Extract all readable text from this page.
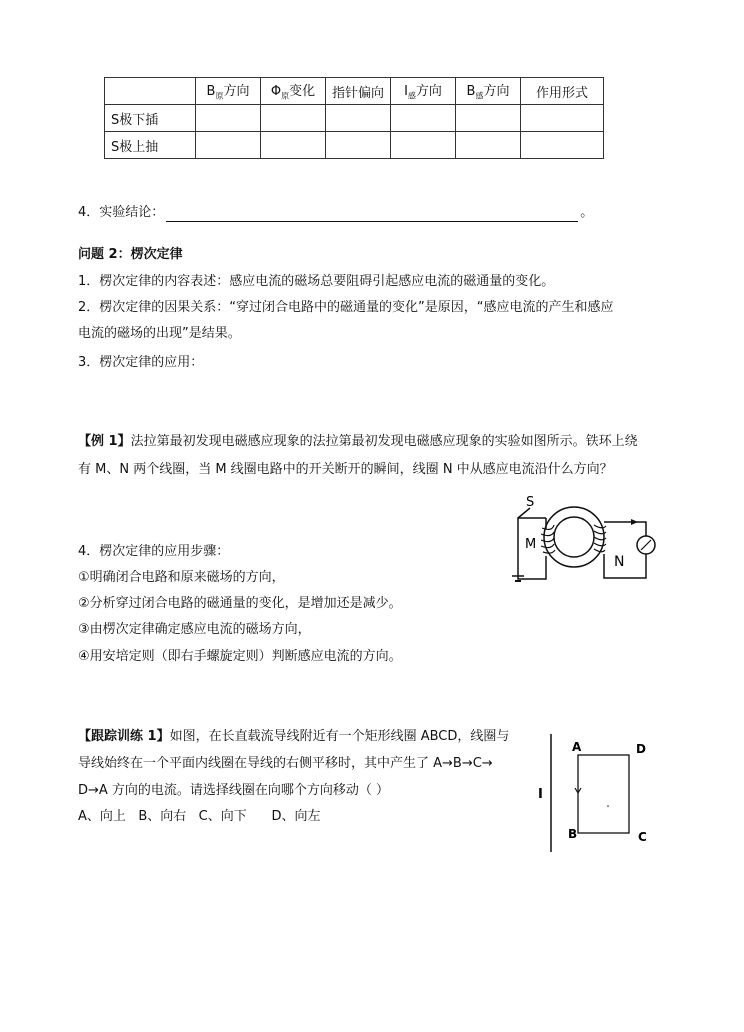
	$B_原$方向	$\Phi_原$变化	指针偏向	$I_感$方向	$B_感$方向	作用形式
S极下插						
S极上抽						
4．实验结论：	。
问题 2：楞次定律
1．楞次定律的内容表述：感应电流的磁场总要阻碍引起感应电流的磁通量的变化。
2．楞次定律的因果关系：“穿过闭合电路中的磁通量的变化”是原因，“感应电流的产生和感应
电流的磁场的出现”是结果。
3．楞次定律的应用：
【例 1】法拉第最初发现电磁感应现象的法拉第最初发现电磁感应现象的实验如图所示。铁环上绕
有 M、N 两个线圈，当 M 线圈电路中的开关断开的瞬间，线圈 N 中从感应电流沿什么方向？
S
M
N
4．楞次定律的应用步骤：
①明确闭合电路和原来磁场的方向，
②分析穿过闭合电路的磁通量的变化，是增加还是减少。
③由楞次定律确定感应电流的磁场方向，
④用安培定则（即右手螺旋定则）判断感应电流的方向。
【跟踪训练 1】如图，在长直载流导线附近有一个矩形线圈 ABCD，线圈与
导线始终在一个平面内线圈在导线的右侧平移时，其中产生了 A→B→C→
D→A 方向的电流。请选择线圈在向哪个方向移动（ ）
A、向上 B、向右 C、向下 D、向左
I
A	D
B	C
